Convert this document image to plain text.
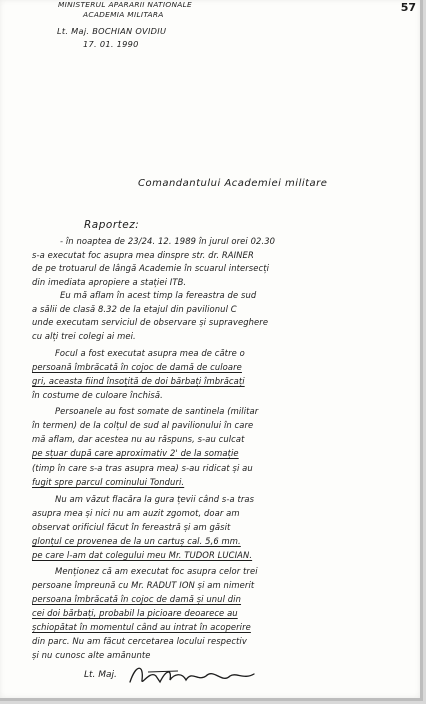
MINISTERUL APARARII NATIONALE
ACADEMIA MILITARA
Lt. Maj. BOCHIAN OVIDIU
17. 01. 1990
57
Comandantului Academiei militare
Raportez:
- în noaptea de 23/24. 12. 1989 în jurul orei 02.30
s-a executat foc asupra mea dinspre str. dr. RAINER
de pe trotuarul de lângă Academie în scuarul intersecți
din imediata apropiere a stației ITB.
Eu mă aflam în acest timp la fereastra de sud
a sălii de clasă 8.32 de la etajul din pavilionul C
unde executam serviciul de observare și supraveghere
cu alți trei colegi ai mei.
Focul a fost executat asupra mea de către o
persoană îmbrăcată în cojoc de damă de culoare
gri, aceasta fiind însoțită de doi bărbați îmbrăcați
în costume de culoare închisă.
Persoanele au fost somate de santinela (militar
în termen) de la colțul de sud al pavilionului în care
mă aflam, dar acestea nu au răspuns, s-au culcat
pe sțuar după care aproximativ 2' de la somație
(timp în care s-a tras asupra mea) s-au ridicat și au
fugit spre parcul cominului Tonduri.
Nu am văzut flacăra la gura țevii când s-a tras
asupra mea și nici nu am auzit zgomot, doar am
observat orificiul făcut în fereastră și am găsit
glonțul ce provenea de la un cartuș cal. 5,6 mm.
pe care l-am dat colegului meu Mr. TUDOR LUCIAN.
Menționez că am executat foc asupra celor trei
persoane împreună cu Mr. RADUT ION și am nimerit
persoana îmbrăcată în cojoc de damă și unul din
cei doi bărbați, probabil la picioare deoarece au
șchiopătat în momentul când au intrat în acoperire
din parc. Nu am făcut cercetarea locului respectiv
și nu cunosc alte amănunte
Lt. Maj.
